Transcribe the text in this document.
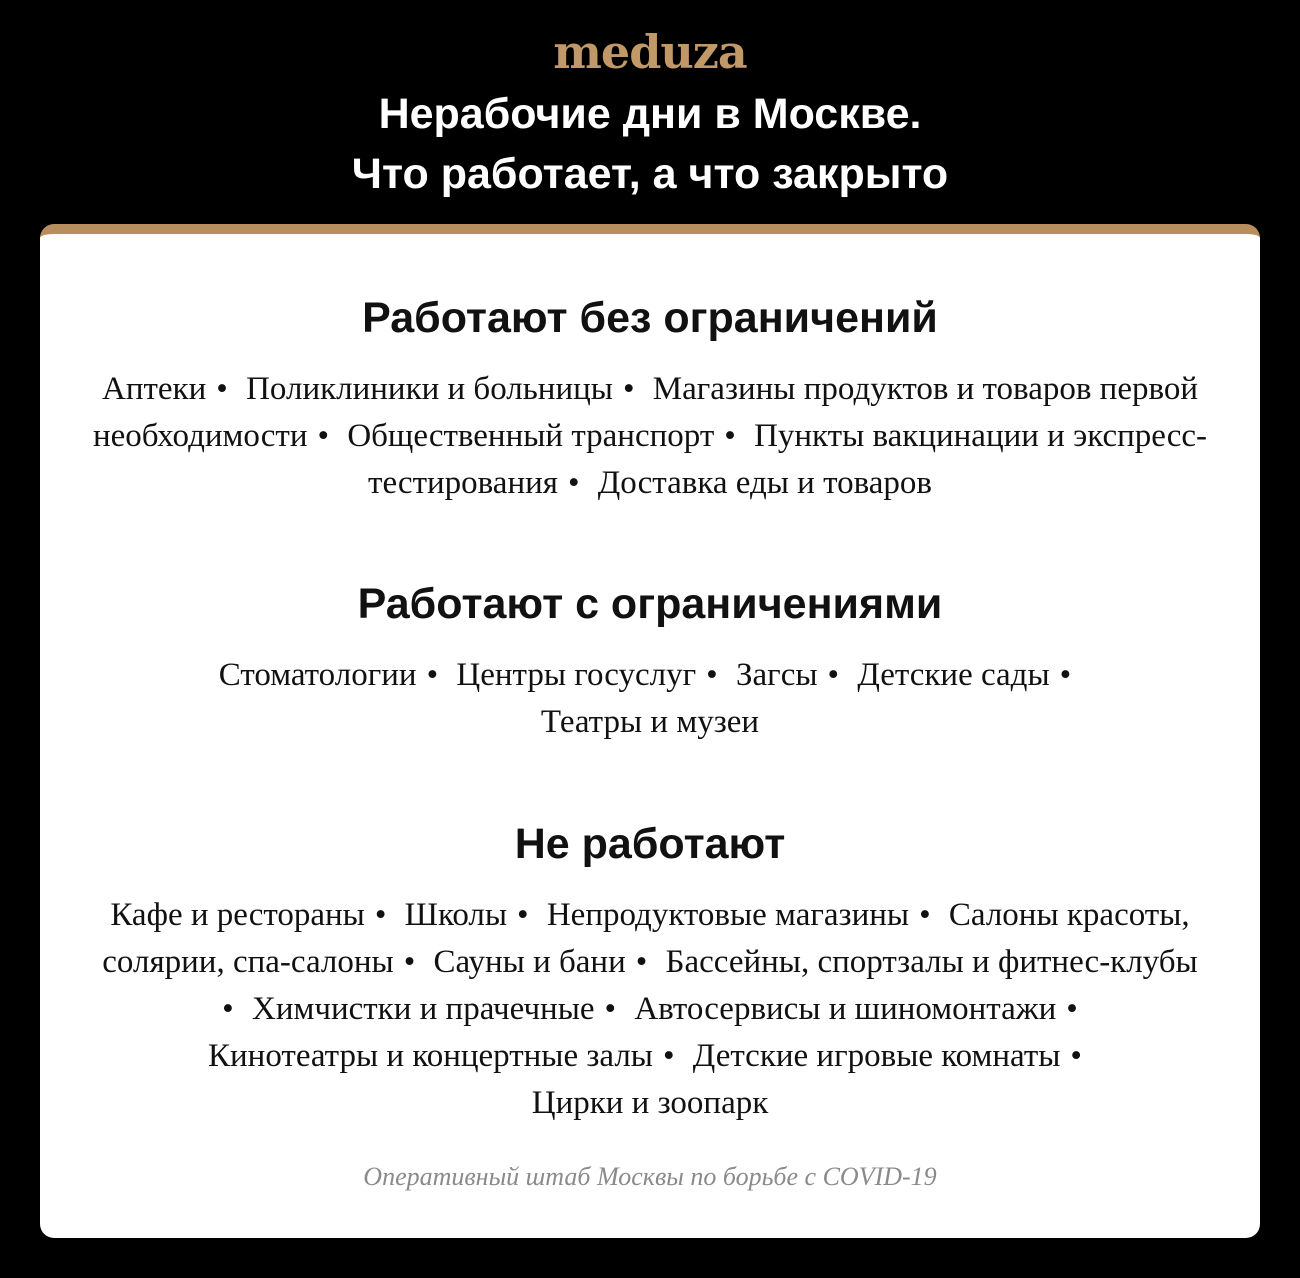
meduza
Нерабочие дни в Москве.
Что работает, а что закрыто
Работают без ограничений

Аптеки • Поликлиники и больницы • Магазины продуктов и товаров первой необходимости • Общественный транспорт • Пункты вакцинации и экспресс-тестирования • Доставка еды и товаров

Работают с ограничениями

Стоматологии • Центры госуслуг • Загсы • Детские сады •
Театры и музеи

Не работают

Кафе и рестораны • Школы • Непродуктовые магазины • Салоны красоты, солярии, спа-салоны • Сауны и бани • Бассейны, спортзалы и фитнес-клубы• Химчистки и прачечные • Автосервисы и шиномонтажи • Кинотеатры и концертные залы • Детские игровые комнаты • Цирки и зоопарк

Оперативный штаб Москвы по борьбе с COVID-19
